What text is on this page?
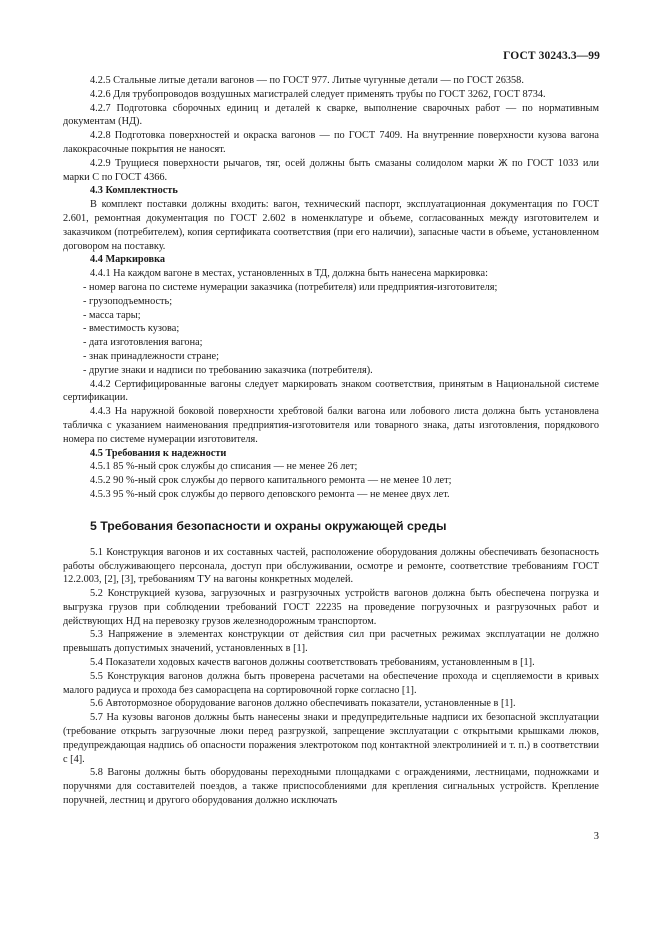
ГОСТ 30243.3—99

4.2.5 Стальные литые детали вагонов — по ГОСТ 977. Литые чугунные детали — по ГОСТ 26358.

4.2.6 Для трубопроводов воздушных магистралей следует применять трубы по ГОСТ 3262, ГОСТ 8734.

4.2.7 Подготовка сборочных единиц и деталей к сварке, выполнение сварочных работ — по нормативным документам (НД).

4.2.8 Подготовка поверхностей и окраска вагонов — по ГОСТ 7409. На внутренние поверхности кузова вагона лакокрасочные покрытия не наносят.

4.2.9 Трущиеся поверхности рычагов, тяг, осей должны быть смазаны солидолом марки Ж по ГОСТ 1033 или марки С по ГОСТ 4366.

4.3 Комплектность

В комплект поставки должны входить: вагон, технический паспорт, эксплуатационная документация по ГОСТ 2.601, ремонтная документация по ГОСТ 2.602 в номенклатуре и объеме, согласованных между изготовителем и заказчиком (потребителем), копия сертификата соответствия (при его наличии), запасные части в объеме, установленном договором на поставку.

4.4 Маркировка

4.4.1 На каждом вагоне в местах, установленных в ТД, должна быть нанесена маркировка:

- номер вагона по системе нумерации заказчика (потребителя) или предприятия-изготовителя;

- грузоподъемность;

- масса тары;

- вместимость кузова;

- дата изготовления вагона;

- знак принадлежности стране;

- другие знаки и надписи по требованию заказчика (потребителя).

4.4.2 Сертифицированные вагоны следует маркировать знаком соответствия, принятым в Национальной системе сертификации.

4.4.3 На наружной боковой поверхности хребтовой балки вагона или лобового листа должна быть установлена табличка с указанием наименования предприятия-изготовителя или товарного знака, даты изготовления, порядкового номера по системе нумерации изготовителя.

4.5 Требования к надежности

4.5.1 85 %-ный срок службы до списания — не менее 26 лет;

4.5.2 90 %-ный срок службы до первого капитального ремонта — не менее 10 лет;

4.5.3 95 %-ный срок службы до первого деповского ремонта — не менее двух лет.

5 Требования безопасности и охраны окружающей среды

5.1 Конструкция вагонов и их составных частей, расположение оборудования должны обеспечивать безопасность работы обслуживающего персонала, доступ при обслуживании, осмотре и ремонте, соответствие требованиям ГОСТ 12.2.003, [2], [3], требованиям ТУ на вагоны конкретных моделей.

5.2 Конструкцией кузова, загрузочных и разгрузочных устройств вагонов должна быть обеспечена погрузка и выгрузка грузов при соблюдении требований ГОСТ 22235 на проведение погрузочных и разгрузочных работ и действующих НД на перевозку грузов железнодорожным транспортом.

5.3 Напряжение в элементах конструкции от действия сил при расчетных режимах эксплуатации не должно превышать допустимых значений, установленных в [1].

5.4 Показатели ходовых качеств вагонов должны соответствовать требованиям, установленным в [1].

5.5 Конструкция вагонов должна быть проверена расчетами на обеспечение прохода и сцепляемости в кривых малого радиуса и прохода без саморасцепа на сортировочной горке согласно [1].

5.6 Автотормозное оборудование вагонов должно обеспечивать показатели, установленные в [1].

5.7 На кузовы вагонов должны быть нанесены знаки и предупредительные надписи их безопасной эксплуатации (требование открыть загрузочные люки перед разгрузкой, запрещение эксплуатации с открытыми крышками люков, предупреждающая надпись об опасности поражения электротоком под контактной электролинией и т. п.) в соответствии с [4].

5.8 Вагоны должны быть оборудованы переходными площадками с ограждениями, лестницами, подножками и поручнями для составителей поездов, а также приспособлениями для крепления сигнальных устройств. Крепление поручней, лестниц и другого оборудования должно исключать

3
